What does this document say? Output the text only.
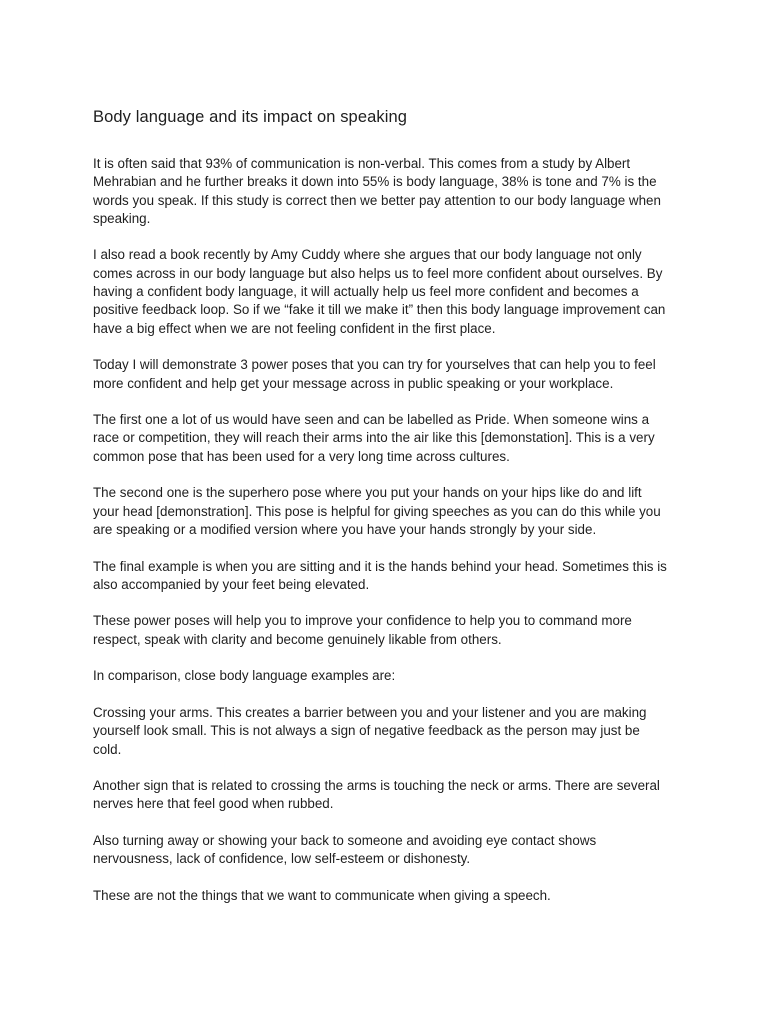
Body language and its impact on speaking

It is often said that 93% of communication is non-verbal. This comes from a study by Albert Mehrabian and he further breaks it down into 55% is body language, 38% is tone and 7% is the words you speak. If this study is correct then we better pay attention to our body language when speaking.

I also read a book recently by Amy Cuddy where she argues that our body language not only comes across in our body language but also helps us to feel more confident about ourselves. By having a confident body language, it will actually help us feel more confident and becomes a positive feedback loop. So if we “fake it till we make it” then this body language improvement can have a big effect when we are not feeling confident in the first place.

Today I will demonstrate 3 power poses that you can try for yourselves that can help you to feel more confident and help get your message across in public speaking or your workplace.

The first one a lot of us would have seen and can be labelled as Pride. When someone wins a race or competition, they will reach their arms into the air like this [demonstation]. This is a very common pose that has been used for a very long time across cultures.

The second one is the superhero pose where you put your hands on your hips like do and lift your head [demonstration]. This pose is helpful for giving speeches as you can do this while you are speaking or a modified version where you have your hands strongly by your side.

The final example is when you are sitting and it is the hands behind your head. Sometimes this is also accompanied by your feet being elevated.

These power poses will help you to improve your confidence to help you to command more respect, speak with clarity and become genuinely likable from others.

In comparison, close body language examples are:

Crossing your arms. This creates a barrier between you and your listener and you are making yourself look small. This is not always a sign of negative feedback as the person may just be cold.

Another sign that is related to crossing the arms is touching the neck or arms. There are several nerves here that feel good when rubbed.

Also turning away or showing your back to someone and avoiding eye contact shows nervousness, lack of confidence, low self-esteem or dishonesty.

These are not the things that we want to communicate when giving a speech.
